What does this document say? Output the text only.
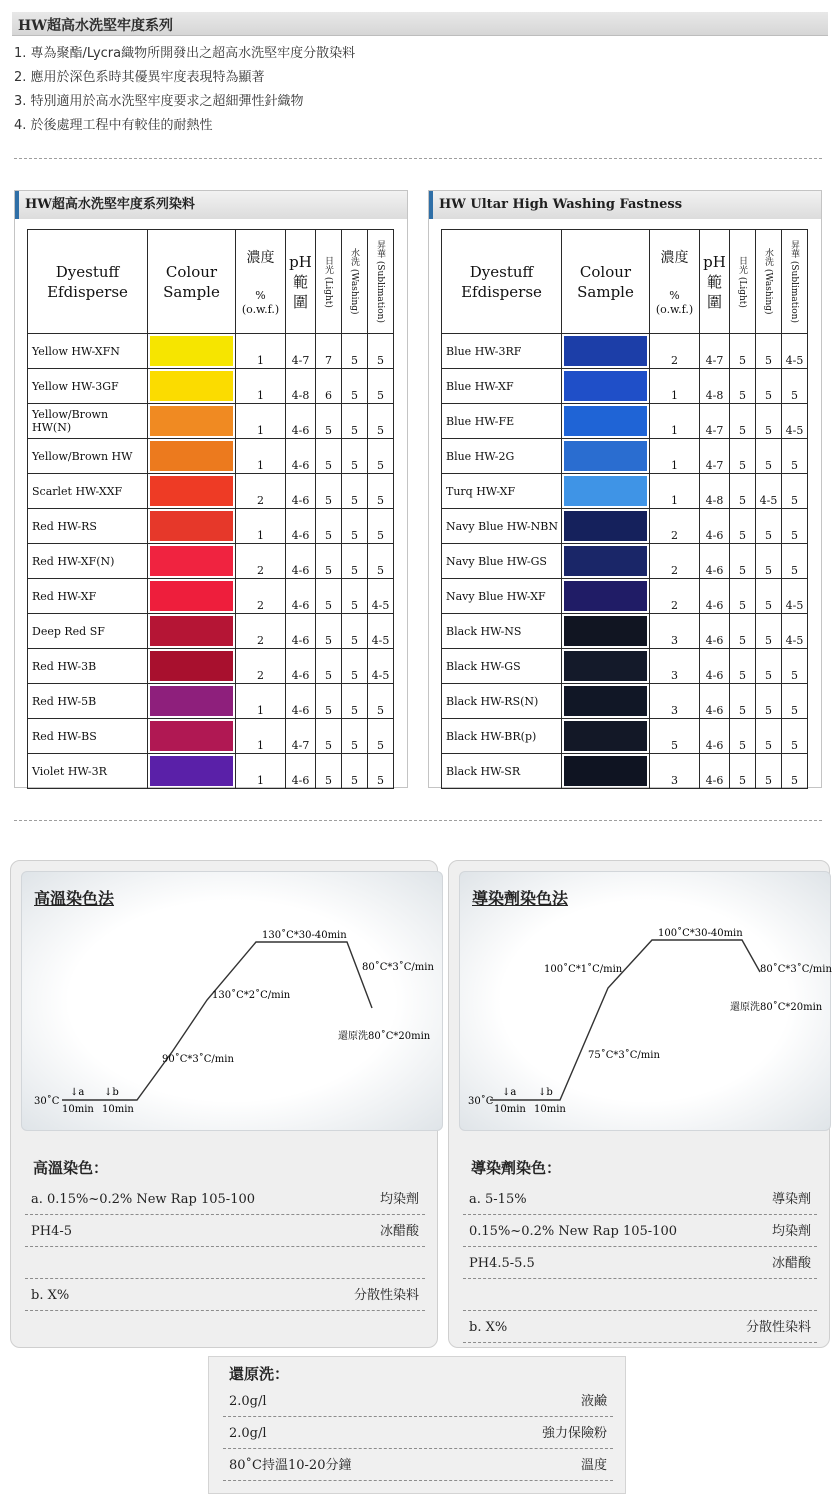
HW超高水洗堅牢度系列
1. 專為聚酯/Lycra織物所開發出之超高水洗堅牢度分散染料
2. 應用於深色系時其優異牢度表現特為顯著
3. 特別適用於高水洗堅牢度要求之超細彈性針織物
4. 於後處理工程中有較佳的耐熱性
HW超高水洗堅牢度系列染料
Dyestuff
Efdisperse	Colour
Sample	濃度
%
(o.w.f.)	pH
範
圍	日光 (Light)	水洗 (Washing)	昇華 (Sublimation)

Yellow HW-XFN		1	4-7	7	5	5
Yellow HW-3GF		1	4-8	6	5	5
Yellow/Brown HW(N)		1	4-6	5	5	5
Yellow/Brown HW		1	4-6	5	5	5
Scarlet HW-XXF		2	4-6	5	5	5
Red HW-RS		1	4-6	5	5	5
Red HW-XF(N)		2	4-6	5	5	5
Red HW-XF		2	4-6	5	5	4-5
Deep Red SF		2	4-6	5	5	4-5
Red HW-3B		2	4-6	5	5	4-5
Red HW-5B		1	4-6	5	5	5
Red HW-BS		1	4-7	5	5	5
Violet HW-3R		1	4-6	5	5	5
HW Ultar High Washing Fastness
Dyestuff
Efdisperse	Colour
Sample	濃度
%
(o.w.f.)	pH
範
圍	日光 (Light)	水洗 (Washing)	昇華 (Sublimation)

Blue HW-3RF		2	4-7	5	5	4-5
Blue HW-XF		1	4-8	5	5	5
Blue HW-FE		1	4-7	5	5	4-5
Blue HW-2G		1	4-7	5	5	5
Turq HW-XF		1	4-8	5	4-5	5
Navy Blue HW-NBN		2	4-6	5	5	5
Navy Blue HW-GS		2	4-6	5	5	5
Navy Blue HW-XF		2	4-6	5	5	4-5
Black HW-NS		3	4-6	5	5	4-5
Black HW-GS		3	4-6	5	5	5
Black HW-RS(N)		3	4-6	5	5	5
Black HW-BR(p)		5	4-6	5	5	5
Black HW-SR		3	4-6	5	5	5
高溫染色法
130˚C*30-40min
80˚C*3˚C/min
130˚C*2˚C/min
還原洗80˚C*20min
90˚C*3˚C/min
30˚C
↓a ↓b
10min 10min
高溫染色：
a. 0.15%~0.2% New Rap 105-100	均染劑
PH4-5	冰醋酸
b. X%	分散性染料
導染劑染色法
100˚C*30-40min
100˚C*1˚C/min	80˚C*3˚C/min
還原洗80˚C*20min
75˚C*3˚C/min
30˚C
↓a ↓b
10min 10min
導染劑染色：
a. 5-15%	導染劑
0.15%~0.2% New Rap 105-100	均染劑
PH4.5-5.5	冰醋酸
b. X%	分散性染料
還原洗：
2.0g/l	液鹼
2.0g/l	強力保險粉
80˚C持溫10-20分鐘	溫度
